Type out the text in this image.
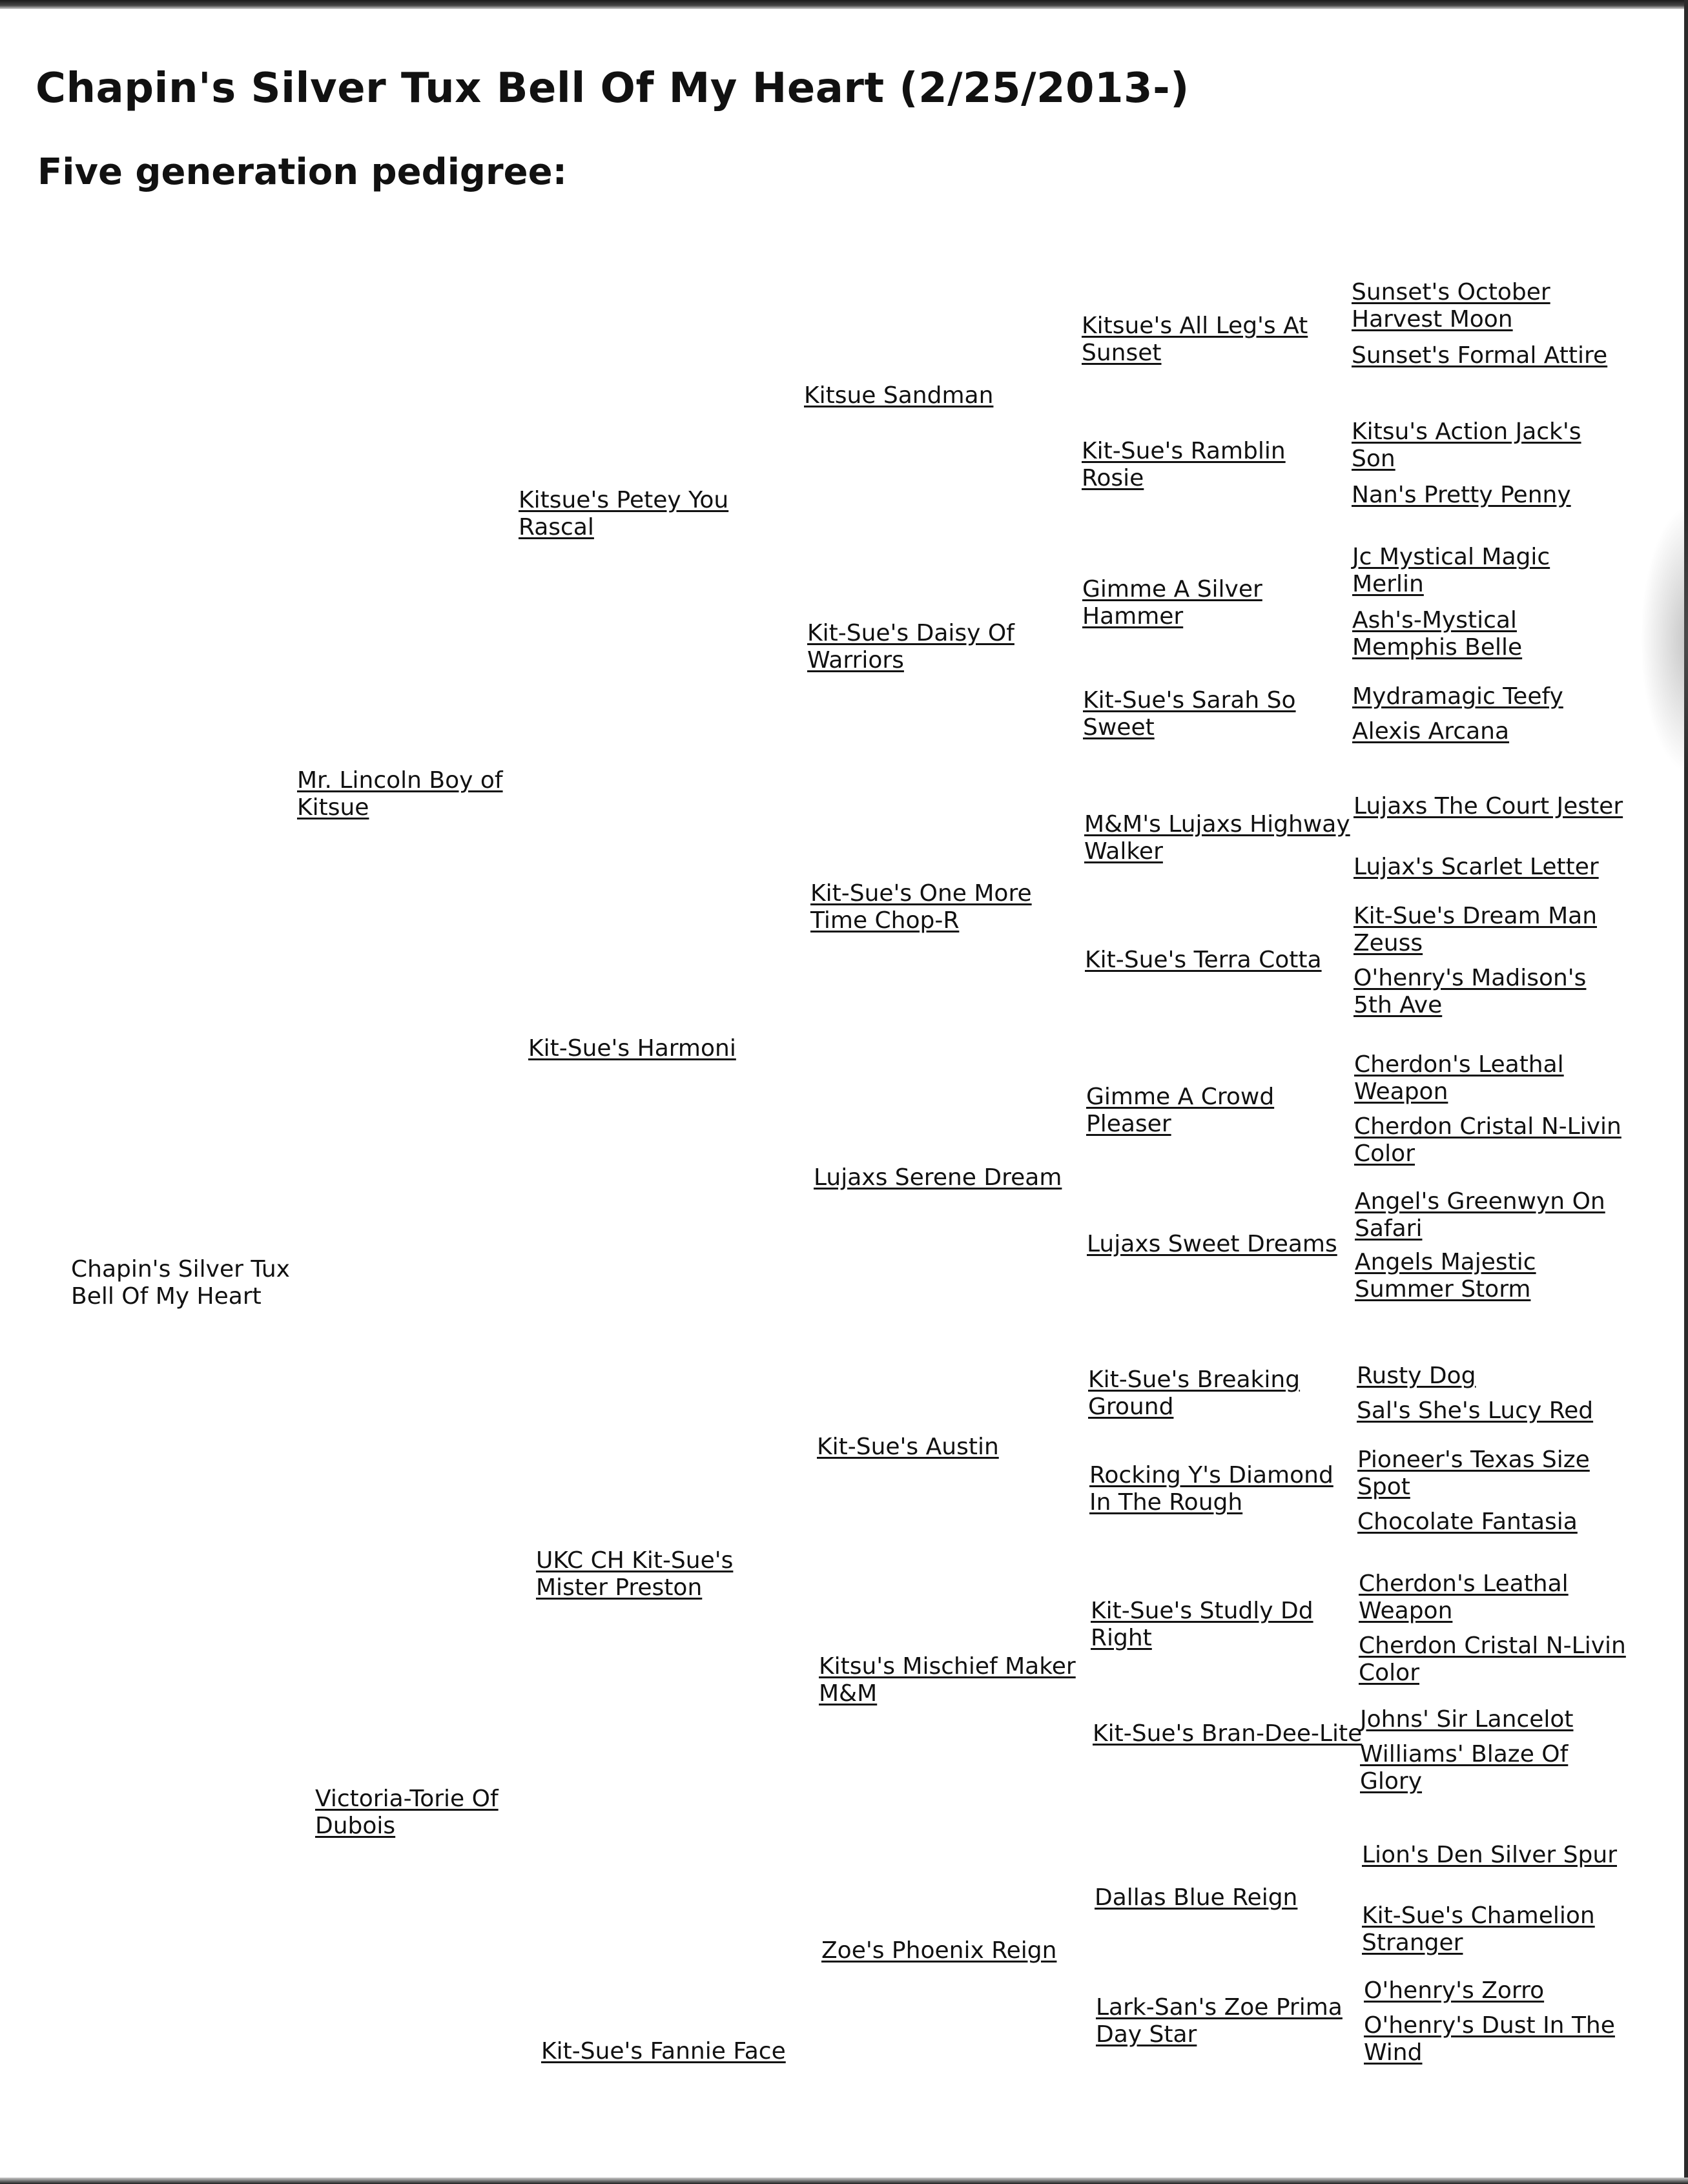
Chapin's Silver Tux Bell Of My Heart (2/25/2013-)
Five generation pedigree:
Chapin's Silver Tux Bell Of My Heart
Mr. Lincoln Boy of Kitsue
Victoria-Torie Of Dubois
Kitsue's Petey You Rascal
Kit-Sue's Harmoni
UKC CH Kit-Sue's Mister Preston
Kit-Sue's Fannie Face
Kitsue Sandman
Kit-Sue's Daisy Of Warriors
Kit-Sue's One More Time Chop-R
Lujaxs Serene Dream
Kit-Sue's Austin
Kitsu's Mischief Maker M&M
Zoe's Phoenix Reign
Kitsue's All Leg's At Sunset
Kit-Sue's Ramblin Rosie
Gimme A Silver Hammer
Kit-Sue's Sarah So Sweet
M&M's Lujaxs Highway Walker
Kit-Sue's Terra Cotta
Gimme A Crowd Pleaser
Lujaxs Sweet Dreams
Kit-Sue's Breaking Ground
Rocking Y's Diamond In The Rough
Kit-Sue's Studly Dd Right
Kit-Sue's Bran-Dee-Lite
Dallas Blue Reign
Lark-San's Zoe Prima Day Star
Sunset's October Harvest Moon
Sunset's Formal Attire
Kitsu's Action Jack's Son
Nan's Pretty Penny
Jc Mystical Magic Merlin
Ash's-Mystical Memphis Belle
Mydramagic Teefy
Alexis Arcana
Lujaxs The Court Jester
Lujax's Scarlet Letter
Kit-Sue's Dream Man Zeuss
O'henry's Madison's 5th Ave
Cherdon's Leathal Weapon
Cherdon Cristal N-Livin Color
Angel's Greenwyn On Safari
Angels Majestic Summer Storm
Rusty Dog
Sal's She's Lucy Red
Pioneer's Texas Size Spot
Chocolate Fantasia
Cherdon's Leathal Weapon
Cherdon Cristal N-Livin Color
Johns' Sir Lancelot
Williams' Blaze Of Glory
Lion's Den Silver Spur
Kit-Sue's Chamelion Stranger
O'henry's Zorro
O'henry's Dust In The Wind
